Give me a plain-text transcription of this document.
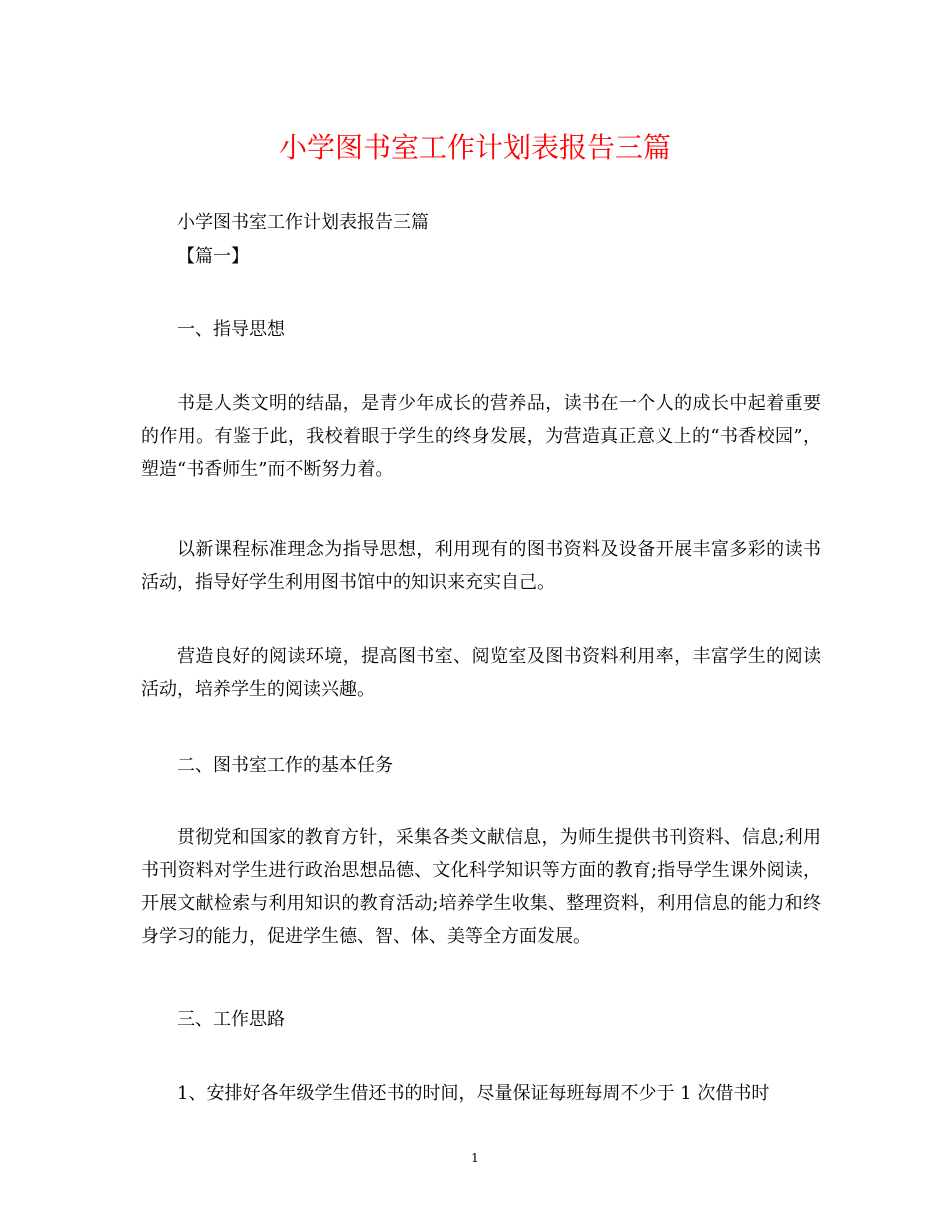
小学图书室工作计划表报告三篇

小学图书室工作计划表报告三篇

【篇一】

一、指导思想

书是人类文明的结晶，是青少年成长的营养品，读书在一个人的成长中起着重要的作用。有鉴于此，我校着眼于学生的终身发展，为营造真正意义上的“书香校园”，塑造“书香师生”而不断努力着。

以新课程标准理念为指导思想，利用现有的图书资料及设备开展丰富多彩的读书活动，指导好学生利用图书馆中的知识来充实自己。

营造良好的阅读环境，提高图书室、阅览室及图书资料利用率，丰富学生的阅读活动，培养学生的阅读兴趣。

二、图书室工作的基本任务

贯彻党和国家的教育方针，采集各类文献信息，为师生提供书刊资料、信息;利用书刊资料对学生进行政治思想品德、文化科学知识等方面的教育;指导学生课外阅读，开展文献检索与利用知识的教育活动;培养学生收集、整理资料，利用信息的能力和终身学习的能力，促进学生德、智、体、美等全方面发展。

三、工作思路

1、安排好各年级学生借还书的时间，尽量保证每班每周不少于 1 次借书时

1
